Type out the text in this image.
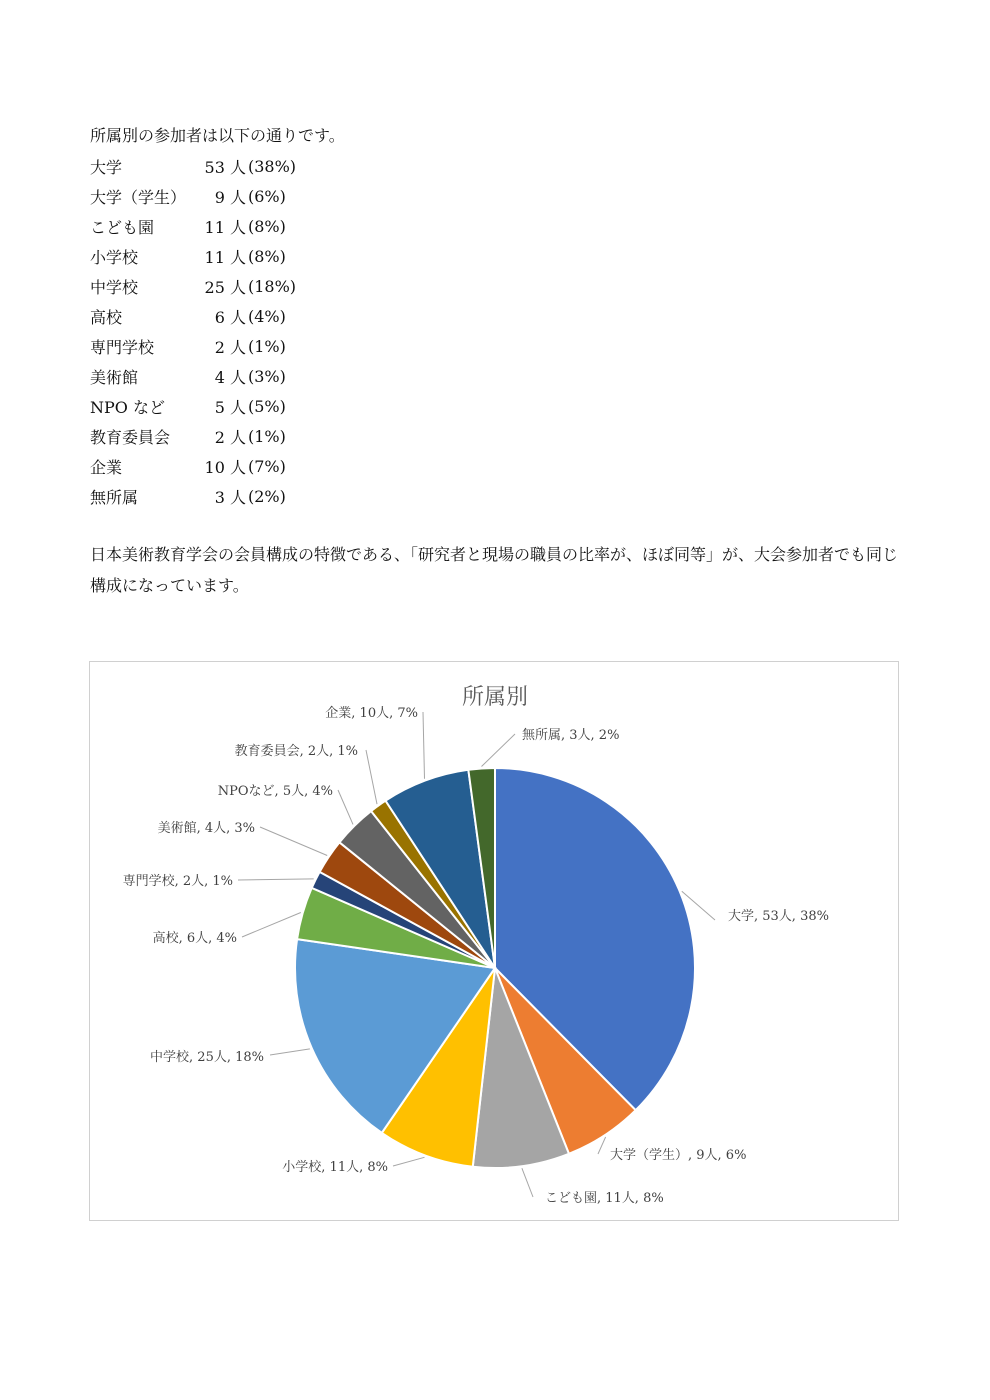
所属別の参加者は以下の通りです。
大学	53 人 (38%)
大学（学生）	9 人 (6%)
こども園	11 人 (8%)
小学校	11 人 (8%)
中学校	25 人 (18%)
高校	6 人 (4%)
専門学校	2 人 (1%)
美術館	4 人 (3%)
NPO など	5 人 (5%)
教育委員会	2 人 (1%)
企業	10 人 (7%)
無所属	3 人 (2%)
日本美術教育学会の会員構成の特徴である、「研究者と現場の職員の比率が、ほぼ同等」が、大会参加者でも同じ構成になっています。
所属別
大学, 53人, 38%
大学（学生）, 9人, 6%
こども園, 11人, 8%
小学校, 11人, 8%
中学校, 25人, 18%
高校, 6人, 4%
専門学校, 2人, 1%
美術館, 4人, 3%
NPOなど, 5人, 4%
教育委員会, 2人, 1%
企業, 10人, 7%
無所属, 3人, 2%
